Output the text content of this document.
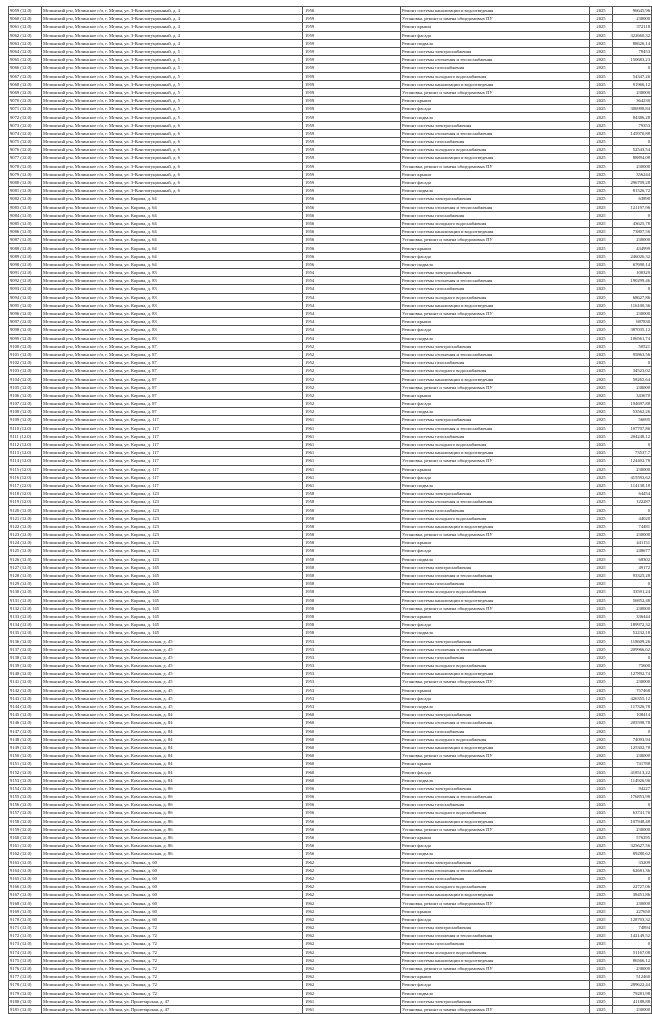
9059 (12.0)	Мглинский р-н, Мглинское г/п, г. Мглин, ул. 3-Конституционный, д. 4	1956	Ремонт системы канализации и водоотведения	2025	96645,96
9060 (12.0)	Мглинский р-н, Мглинское г/п, г. Мглин, ул. 3-Конституционный, д. 4	1959	Установка, ремонт и замена общедомовых ПУ	2025	230000
9061 (12.0)	Мглинский р-н, Мглинское г/п, г. Мглин, ул. 3-Конституционный, д. 4	1959	Ремонт крыши	2025	372118
9062 (12.0)	Мглинский р-н, Мглинское г/п, г. Мглин, ул. 3-Конституционный, д. 4	1959	Ремонт фасада	2025	322660,32
9063 (12.0)	Мглинский р-н, Мглинское г/п, г. Мглин, ул. 3-Конституционный, д. 4	1959	Ремонт подвала	2025	88626,14
9064 (12.0)	Мглинский р-н, Мглинское г/п, г. Мглин, ул. 3-Конституционный, д. 5	1959	Ремонт системы электроснабжения	2025	79453
9065 (12.0)	Мглинский р-н, Мглинское г/п, г. Мглин, ул. 3-Конституционный, д. 5	1959	Ремонт системы отопления и теплоснабжения	2025	150683,23
9066 (12.0)	Мглинский р-н, Мглинское г/п, г. Мглин, ул. 3-Конституционный, д. 5	1959	Ремонт системы газоснабжения	2025	0
9067 (12.0)	Мглинский р-н, Мглинское г/п, г. Мглин, ул. 3-Конституционный, д. 5	1959	Ремонт системы холодного водоснабжения	2025	54347,26
9068 (12.0)	Мглинский р-н, Мглинское г/п, г. Мглин, ул. 3-Конституционный, д. 5	1959	Ремонт системы канализации и водоотведения	2025	91966,12
9069 (12.0)	Мглинский р-н, Мглинское г/п, г. Мглин, ул. 3-Конституционный, д. 5	1959	Установка, ремонт и замена общедомовых ПУ	2025	230000
9070 (12.0)	Мглинский р-н, Мглинское г/п, г. Мглин, ул. 3-Конституционный, д. 5	1959	Ремонт крыши	2025	364230
9071 (12.0)	Мглинский р-н, Мглинское г/п, г. Мглин, ул. 3-Конституционный, д. 5	1959	Ремонт фасада	2025	306998,84
9072 (12.0)	Мглинский р-н, Мглинское г/п, г. Мглин, ул. 3-Конституционный, д. 5	1959	Ремонт подвала	2025	84386,28
9073 (12.0)	Мглинский р-н, Мглинское г/п, г. Мглин, ул. 3-Конституционный, д. 6	1959	Ремонт системы электроснабжения	2025	79353
9074 (12.0)	Мглинский р-н, Мглинское г/п, г. Мглин, ул. 3-Конституционный, д. 6	1959	Ремонт системы отопления и теплоснабжения	2025	145970,88
9075 (12.0)	Мглинский р-н, Мглинское г/п, г. Мглин, ул. 3-Конституционный, д. 6	1959	Ремонт системы газоснабжения	2025	0
9076 (12.0)	Мглинский р-н, Мглинское г/п, г. Мглин, ул. 3-Конституционный, д. 6	1959	Ремонт системы холодного водоснабжения	2025	52543,54
9077 (12.0)	Мглинский р-н, Мглинское г/п, г. Мглин, ул. 3-Конституционный, д. 6	1959	Ремонт системы канализации и водоотведения	2025	88894,08
9078 (12.0)	Мглинский р-н, Мглинское г/п, г. Мглин, ул. 3-Конституционный, д. 6	1959	Установка, ремонт и замена общедомовых ПУ	2025	230000
9079 (12.0)	Мглинский р-н, Мглинское г/п, г. Мглин, ул. 3-Конституционный, д. 6	1959	Ремонт крыши	2025	356244
9080 (12.0)	Мглинский р-н, Мглинское г/п, г. Мглин, ул. 3-Конституционный, д. 6	1959	Ремонт фасада	2025	296709,28
9081 (12.0)	Мглинский р-н, Мглинское г/п, г. Мглин, ул. 3-Конституционный, д. 6	1959	Ремонт подвала	2025	81526,72
9082 (12.0)	Мглинский р-н, Мглинское г/п, г. Мглин, ул. Кирова, д. 64	1956	Ремонт системы электроснабжения	2025	63890
9083 (12.0)	Мглинский р-н, Мглинское г/п, г. Мглин, ул. Кирова, д. 64	1956	Ремонт системы отопления и теплоснабжения	2025	121197,96
9084 (12.0)	Мглинский р-н, Мглинское г/п, г. Мглин, ул. Кирова, д. 64	1956	Ремонт системы газоснабжения	2025	0
9085 (12.0)	Мглинский р-н, Мглинское г/п, г. Мглин, ул. Кирова, д. 64	1956	Ремонт системы холодного водоснабжения	2025	43625,78
9086 (12.0)	Мглинский р-н, Мглинское г/п, г. Мглин, ул. Кирова, д. 64	1956	Ремонт системы канализации и водоотведения	2025	73807,56
9087 (12.0)	Мглинский р-н, Мглинское г/п, г. Мглин, ул. Кирова, д. 64	1956	Установка, ремонт и замена общедомовых ПУ	2025	230000
9088 (12.0)	Мглинский р-н, Мглинское г/п, г. Мглин, ул. Кирова, д. 64	1956	Ремонт крыши	2025	434999
9089 (12.0)	Мглинский р-н, Мглинское г/п, г. Мглин, ул. Кирова, д. 64	1956	Ремонт фасада	2025	246026,32
9090 (12.0)	Мглинский р-н, Мглинское г/п, г. Мглин, ул. Кирова, д. 64	1956	Ремонт подвала	2025	67690,14
9091 (12.0)	Мглинский р-н, Мглинское г/п, г. Мглин, ул. Кирова, д. 83	1954	Ремонт системы электроснабжения	2025	100329
9092 (12.0)	Мглинский р-н, Мглинское г/п, г. Мглин, ул. Кирова, д. 83	1954	Ремонт системы отопления и теплоснабжения	2025	190299,46
9093 (12.0)	Мглинский р-н, Мглинское г/п, г. Мглин, ул. Кирова, д. 83	1954	Ремонт системы газоснабжения	2025	0
9094 (12.0)	Мглинский р-н, Мглинское г/п, г. Мглин, ул. Кирова, д. 83	1954	Ремонт системы холодного водоснабжения	2025	68627,86
9095 (12.0)	Мглинский р-н, Мглинское г/п, г. Мглин, ул. Кирова, д. 83	1954	Ремонт системы канализации и водоотведения	2025	116100,36
9096 (12.0)	Мглинский р-н, Мглинское г/п, г. Мглин, ул. Кирова, д. 83	1954	Установка, ремонт и замена общедомовых ПУ	2025	230000
9097 (12.0)	Мглинский р-н, Мглинское г/п, г. Мглин, ул. Кирова, д. 83	1954	Ремонт крыши	2025	687830
9098 (12.0)	Мглинский р-н, Мглинское г/п, г. Мглин, ул. Кирова, д. 83	1954	Ремонт фасада	2025	387035,12
9099 (12.0)	Мглинский р-н, Мглинское г/п, г. Мглин, ул. Кирова, д. 83	1954	Ремонт подвала	2025	106561,74
9100 (12.0)	Мглинский р-н, Мглинское г/п, г. Мглин, ул. Кирова, д. 87	1952	Ремонт системы электроснабжения	2025	50521
9101 (12.0)	Мглинский р-н, Мглинское г/п, г. Мглин, ул. Кирова, д. 87	1952	Ремонт системы отопления и теплоснабжения	2025	95863,56
9102 (12.0)	Мглинский р-н, Мглинское г/п, г. Мглин, ул. Кирова, д. 87	1952	Ремонт системы газоснабжения	2025	0
9103 (12.0)	Мглинский р-н, Мглинское г/п, г. Мглин, ул. Кирова, д. 87	1952	Ремонт системы холодного водоснабжения	2025	34523,02
9104 (12.0)	Мглинский р-н, Мглинское г/п, г. Мглин, ул. Кирова, д. 87	1952	Ремонт системы канализации и водоотведения	2025	58265,64
9105 (12.0)	Мглинский р-н, Мглинское г/п, г. Мглин, ул. Кирова, д. 87	1952	Установка, ремонт и замена общедомовых ПУ	2025	230000
9106 (12.0)	Мглинский р-н, Мглинское г/п, г. Мглин, ул. Кирова, д. 87	1952	Ремонт крыши	2025	343670
9107 (12.0)	Мглинский р-н, Мглинское г/п, г. Мглин, ул. Кирова, д. 87	1952	Ремонт фасада	2025	194697,88
9108 (12.0)	Мглинский р-н, Мглинское г/п, г. Мглин, ул. Кирова, д. 87	1952	Ремонт подвала	2025	53562,26
9109 (12.0)	Мглинский р-н, Мглинское г/п, г. Мглин, ул. Кирова, д. 117	1961	Ремонт системы электроснабжения	2025	56695
9110 (12.0)	Мглинский р-н, Мглинское г/п, г. Мглин, ул. Кирова, д. 117	1961	Ремонт системы отопления и теплоснабжения	2025	107707,86
9111 (12.0)	Мглинский р-н, Мглинское г/п, г. Мглин, ул. Кирова, д. 117	1961	Ремонт системы газоснабжения	2025	204248,12
9112 (12.0)	Мглинский р-н, Мглинское г/п, г. Мглин, ул. Кирова, д. 117	1961	Ремонт системы холодного водоснабжения	2025	0
9113 (12.0)	Мглинский р-н, Мглинское г/п, г. Мглин, ул. Кирова, д. 117	1961	Ремонт системы канализации и водоотведения	2025	73537,7
9114 (12.0)	Мглинский р-н, Мглинское г/п, г. Мглин, ул. Кирова, д. 117	1961	Установка, ремонт и замена общедомовых ПУ	2025	124402,78
9115 (12.0)	Мглинский р-н, Мглинское г/п, г. Мглин, ул. Кирова, д. 117	1961	Ремонт крыши	2025	230000
9116 (12.0)	Мглинский р-н, Мглинское г/п, г. Мглин, ул. Кирова, д. 117	1961	Ремонт фасада	2025	415593,62
9117 (12.0)	Мглинский р-н, Мглинское г/п, г. Мглин, ул. Кирова, д. 117	1961	Ремонт подвала	2025	114138,18
9118 (12.0)	Мглинский р-н, Мглинское г/п, г. Мглин, ул. Кирова, д. 123	1958	Ремонт системы электроснабжения	2025	64454
9119 (12.0)	Мглинский р-н, Мглинское г/п, г. Мглин, ул. Кирова, д. 123	1958	Ремонт системы отопления и теплоснабжения	2025	122287
9120 (12.0)	Мглинский р-н, Мглинское г/п, г. Мглин, ул. Кирова, д. 123	1958	Ремонт системы газоснабжения	2025	0
9121 (12.0)	Мглинский р-н, Мглинское г/п, г. Мглин, ул. Кирова, д. 123	1958	Ремонт системы холодного водоснабжения	2025	44020
9122 (12.0)	Мглинский р-н, Мглинское г/п, г. Мглин, ул. Кирова, д. 123	1958	Ремонт системы канализации и водоотведения	2025	74481
9123 (12.0)	Мглинский р-н, Мглинское г/п, г. Мглин, ул. Кирова, д. 123	1958	Установка, ремонт и замена общедомовых ПУ	2025	230000
9124 (12.0)	Мглинский р-н, Мглинское г/п, г. Мглин, ул. Кирова, д. 123	1958	Ремонт крыши	2025	441151
9125 (12.0)	Мглинский р-н, Мглинское г/п, г. Мглин, ул. Кирова, д. 123	1958	Ремонт фасада	2025	248677
9126 (12.0)	Мглинский р-н, Мглинское г/п, г. Мглин, ул. Кирова, д. 123	1958	Ремонт подвала	2025	68302
9127 (12.0)	Мглинский р-н, Мглинское г/п, г. Мглин, ул. Кирова, д. 145	1958	Ремонт системы электроснабжения	2025	49172
9128 (12.0)	Мглинский р-н, Мглинское г/п, г. Мглин, ул. Кирова, д. 145	1958	Ремонт системы отопления и теплоснабжения	2025	93325,28
9129 (12.0)	Мглинский р-н, Мглинское г/п, г. Мглин, ул. Кирова, д. 145	1958	Ремонт системы газоснабжения	2025	0
9130 (12.0)	Мглинский р-н, Мглинское г/п, г. Мглин, ул. Кирова, д. 145	1958	Ремонт системы холодного водоснабжения	2025	33591,24
9131 (12.0)	Мглинский р-н, Мглинское г/п, г. Мглин, ул. Кирова, д. 145	1958	Ремонт системы канализации и водоотведения	2025	56852,48
9132 (12.0)	Мглинский р-н, Мглинское г/п, г. Мглин, ул. Кирова, д. 145	1958	Установка, ремонт и замена общедомовых ПУ	2025	230000
9133 (12.0)	Мглинский р-н, Мглинское г/п, г. Мглин, ул. Кирова, д. 145	1958	Ремонт крыши	2025	336444
9134 (12.0)	Мглинский р-н, Мглинское г/п, г. Мглин, ул. Кирова, д. 145	1958	Ремонт фасада	2025	189972,32
9135 (12.0)	Мглинский р-н, Мглинское г/п, г. Мглин, ул. Кирова, д. 145	1958	Ремонт подвала	2025	52232,18
9136 (12.0)	Мглинский р-н, Мглинское г/п, г. Мглин, ул. Комсомольская, д. 45	1953	Ремонт системы электроснабжения	2025	118609,26
9137 (12.0)	Мглинский р-н, Мглинское г/п, г. Мглин, ул. Комсомольская, д. 45	1953	Ремонт системы отопления и теплоснабжения	2025	209966,62
9138 (12.0)	Мглинский р-н, Мглинское г/п, г. Мглин, ул. Комсомольская, д. 45	1953	Ремонт системы газоснабжения	2025	0
9139 (12.0)	Мглинский р-н, Мглинское г/п, г. Мглин, ул. Комсомольская, д. 45	1953	Ремонт системы холодного водоснабжения	2025	75600
9140 (12.0)	Мглинский р-н, Мглинское г/п, г. Мглин, ул. Комсомольская, д. 45	1953	Ремонт системы канализации и водоотведения	2025	127892,74
9141 (12.0)	Мглинский р-н, Мглинское г/п, г. Мглин, ул. Комсомольская, д. 45	1953	Установка, ремонт и замена общедомовых ПУ	2025	230000
9142 (12.0)	Мглинский р-н, Мглинское г/п, г. Мглин, ул. Комсомольская, д. 45	1953	Ремонт крыши	2025	757468
9143 (12.0)	Мглинский р-н, Мглинское г/п, г. Мглин, ул. Комсомольская, д. 45	1953	Ремонт фасада	2025	426355,12
9144 (12.0)	Мглинский р-н, Мглинское г/п, г. Мглин, ул. Комсомольская, д. 45	1953	Ремонт подвала	2025	117326,78
9145 (12.0)	Мглинский р-н, Мглинское г/п, г. Мглин, ул. Комсомольская, д. 84	1960	Ремонт системы электроснабжения	2025	108414
9146 (12.0)	Мглинский р-н, Мглинское г/п, г. Мглин, ул. Комсомольская, д. 84	1960	Ремонт системы отопления и теплоснабжения	2025	205598,78
9147 (12.0)	Мглинский р-н, Мглинское г/п, г. Мглин, ул. Комсомольская, д. 84	1960	Ремонт системы газоснабжения	2025	0
9148 (12.0)	Мглинский р-н, Мглинское г/п, г. Мглин, ул. Комсомольская, д. 84	1960	Ремонт системы холодного водоснабжения	2025	74093,94
9149 (12.0)	Мглинский р-н, Мглинское г/п, г. Мглин, ул. Комсомольская, д. 84	1960	Ремонт системы канализации и водоотведения	2025	125302,78
9150 (12.0)	Мглинский р-н, Мглинское г/п, г. Мглин, ул. Комсомольская, д. 84	1960	Установка, ремонт и замена общедомовых ПУ	2025	230000
9151 (12.0)	Мглинский р-н, Мглинское г/п, г. Мглин, ул. Комсомольская, д. 84	1960	Ремонт крыши	2025	741788
9152 (12.0)	Мглинский р-н, Мглинское г/п, г. Мглин, ул. Комсомольская, д. 84	1960	Ремонт фасада	2025	418513,22
9153 (12.0)	Мглинский р-н, Мглинское г/п, г. Мглин, ул. Комсомольская, д. 84	1960	Ремонт подвала	2025	114926,96
9154 (12.0)	Мглинский р-н, Мглинское г/п, г. Мглин, ул. Комсомольская, д. 86	1956	Ремонт системы электроснабжения	2025	94227
9155 (12.0)	Мглинский р-н, Мглинское г/п, г. Мглин, ул. Комсомольская, д. 86	1956	Ремонт системы отопления и теплоснабжения	2025	176853,98
9156 (12.0)	Мглинский р-н, Мглинское г/п, г. Мглин, ул. Комсомольская, д. 86	1956	Ремонт системы газоснабжения	2025	0
9157 (12.0)	Мглинский р-н, Мглинское г/п, г. Мглин, ул. Комсомольская, д. 86	1956	Ремонт системы холодного водоснабжения	2025	63741,76
9158 (12.0)	Мглинский р-н, Мглинское г/п, г. Мглин, ул. Комсомольская, д. 86	1956	Ремонт системы канализации и водоотведения	2025	107948,48
9159 (12.0)	Мглинский р-н, Мглинское г/п, г. Мглин, ул. Комсомольская, д. 86	1956	Установка, ремонт и замена общедомовых ПУ	2025	230000
9160 (12.0)	Мглинский р-н, Мглинское г/п, г. Мглин, ул. Комсомольская, д. 86	1956	Ремонт крыши	2025	576295
9161 (12.0)	Мглинский р-н, Мглинское г/п, г. Мглин, ул. Комсомольская, д. 86	1956	Ремонт фасада	2025	325627,56
9162 (12.0)	Мглинский р-н, Мглинское г/п, г. Мглин, ул. Комсомольская, д. 86	1956	Ремонт подвала	2025	89280,62
9163 (12.0)	Мглинский р-н, Мглинское г/п, г. Мглин, ул. Ленина, д. 60	1962	Ремонт системы электроснабжения	2025	33209
9164 (12.0)	Мглинский р-н, Мглинское г/п, г. Мглин, ул. Ленина, д. 60	1962	Ремонт системы отопления и теплоснабжения	2025	62681,36
9165 (12.0)	Мглинский р-н, Мглинское г/п, г. Мглин, ул. Ленина, д. 60	1962	Ремонт системы газоснабжения	2025	0
9166 (12.0)	Мглинский р-н, Мглинское г/п, г. Мглин, ул. Ленина, д. 60	1962	Ремонт системы холодного водоснабжения	2025	22727,06
9167 (12.0)	Мглинский р-н, Мглинское г/п, г. Мглин, ул. Ленина, д. 60	1962	Ремонт системы канализации и водоотведения	2025	38451,86
9168 (12.0)	Мглинский р-н, Мглинское г/п, г. Мглин, ул. Ленина, д. 60	1962	Установка, ремонт и замена общедомовых ПУ	2025	230000
9169 (12.0)	Мглинский р-н, Мглинское г/п, г. Мглин, ул. Ленина, д. 60	1962	Ремонт крыши	2025	227650
9170 (12.0)	Мглинский р-н, Мглинское г/п, г. Мглин, ул. Ленина, д. 60	1962	Ремонт фасада	2025	128703,32
9171 (12.0)	Мглинский р-н, Мглинское г/п, г. Мглин, ул. Ленина, д. 72	1962	Ремонт системы электроснабжения	2025	74894
9172 (12.0)	Мглинский р-н, Мглинское г/п, г. Мглин, ул. Ленина, д. 72	1962	Ремонт системы отопления и теплоснабжения	2025	142149,52
9173 (12.0)	Мглинский р-н, Мглинское г/п, г. Мглин, ул. Ленина, д. 72	1962	Ремонт системы газоснабжения	2025	0
9174 (12.0)	Мглинский р-н, Мглинское г/п, г. Мглин, ул. Ленина, д. 72	1962	Ремонт системы холодного водоснабжения	2025	51167,08
9175 (12.0)	Мглинский р-н, Мглинское г/п, г. Мглин, ул. Ленина, д. 72	1962	Ремонт системы канализации и водоотведения	2025	86566,12
9176 (12.0)	Мглинский р-н, Мглинское г/п, г. Мглин, ул. Ленина, д. 72	1962	Установка, ремонт и замена общедомовых ПУ	2025	230000
9177 (12.0)	Мглинский р-н, Мглинское г/п, г. Мглин, ул. Ленина, д. 72	1962	Ремонт крыши	2025	512460
9178 (12.0)	Мглинский р-н, Мглинское г/п, г. Мглин, ул. Ленина, д. 72	1962	Ремонт фасада	2025	289622,44
9179 (12.0)	Мглинский р-н, Мглинское г/п, г. Мглин, ул. Ленина, д. 72	1962	Ремонт подвала	2025	79281,98
9180 (12.0)	Мглинский р-н, Мглинское г/п, г. Мглин, ул. Пролетарская, д. 47	1961	Ремонт системы электроснабжения	2025	41188,88
9181 (12.0)	Мглинский р-н, Мглинское г/п, г. Мглин, ул. Пролетарская, д. 47	1961	Установка, ремонт и замена общедомовых ПУ	2025	230000
